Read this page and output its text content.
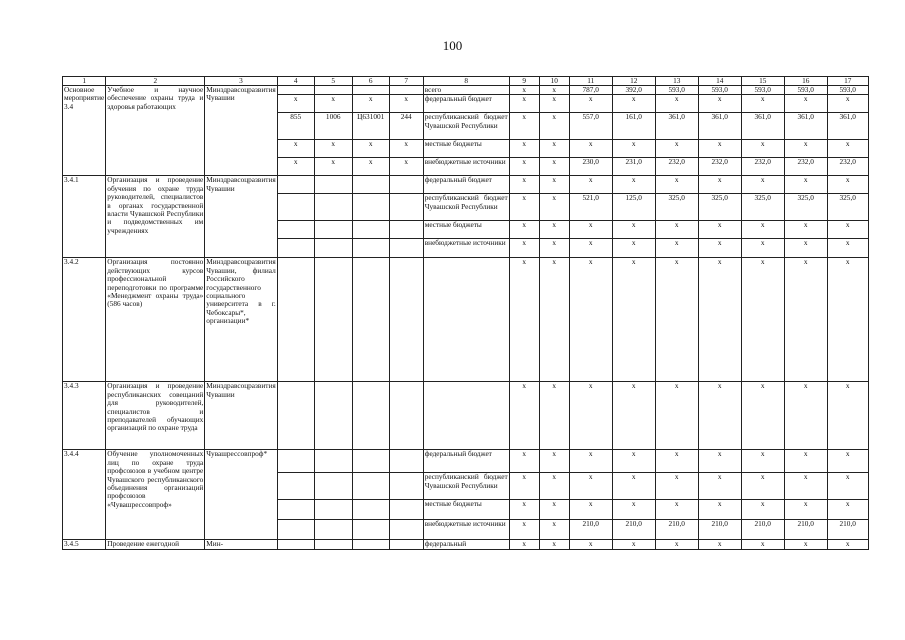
100
1	2	3	4	5	6	7	8	9	10	11	12	13	14	15	16	17
Основное мероприятие 3.4	Учебное и научное обеспечение охраны труда и здоровья работающих	Минздравсоцразвития Чувашии					всего	x	x	787,0	392,0	593,0	593,0	593,0	593,0	593,0
			x	x	x	x	федеральный бюджет	x	x	x	x	x	x	x	x	x
			855	1006	Ц631001	244	республиканский бюджет Чувашской Республики	x	x	557,0	161,0	361,0	361,0	361,0	361,0	361,0
			x	x	x	x	местные бюджеты	x	x	x	x	x	x	x	x	x
			x	x	x	x	внебюджетные источники	x	x	230,0	231,0	232,0	232,0	232,0	232,0	232,0
3.4.1	Организация и проведение обучения по охране труда руководителей, специалистов в органах государственной власти Чувашской Республики и подведомственных им учреждениях	Минздравсоцразвития Чувашии					федеральный бюджет	x	x	x	x	x	x	x	x	x
							республиканский бюджет Чувашской Республики	x	x	521,0	125,0	325,0	325,0	325,0	325,0	325,0
							местные бюджеты	x	x	x	x	x	x	x	x	x
							внебюджетные источники	x	x	x	x	x	x	x	x	x
3.4.2	Организация постоянно действующих курсов профессиональной переподготовки по программе «Менеджмент охраны труда» (586 часов)	Минздравсоцразвития Чувашии, филиал Российского государственного социального университета в г. Чебоксары*, организации*						x	x	x	x	x	x	x	x	x
3.4.3	Организация и проведение республиканских совещаний для руководителей, специалистов и преподавателей обучающих организаций по охране труда	Минздравсоцразвития Чувашии						x	x	x	x	x	x	x	x	x
3.4.4	Обучение уполномоченных лиц по охране труда профсоюзов в учебном центре Чувашского республиканского объединения организаций профсоюзов «Чувашрессовпроф»	Чувашрессовпроф*					федеральный бюджет	x	x	x	x	x	x	x	x	x
							республиканский бюджет Чувашской Республики	x	x	x	x	x	x	x	x	x
							местные бюджеты	x	x	x	x	x	x	x	x	x
							внебюджетные источники	x	x	210,0	210,0	210,0	210,0	210,0	210,0	210,0
3.4.5	Проведение ежегодной	Мин-					федеральный	x	x	x	x	x	x	x	x	x
